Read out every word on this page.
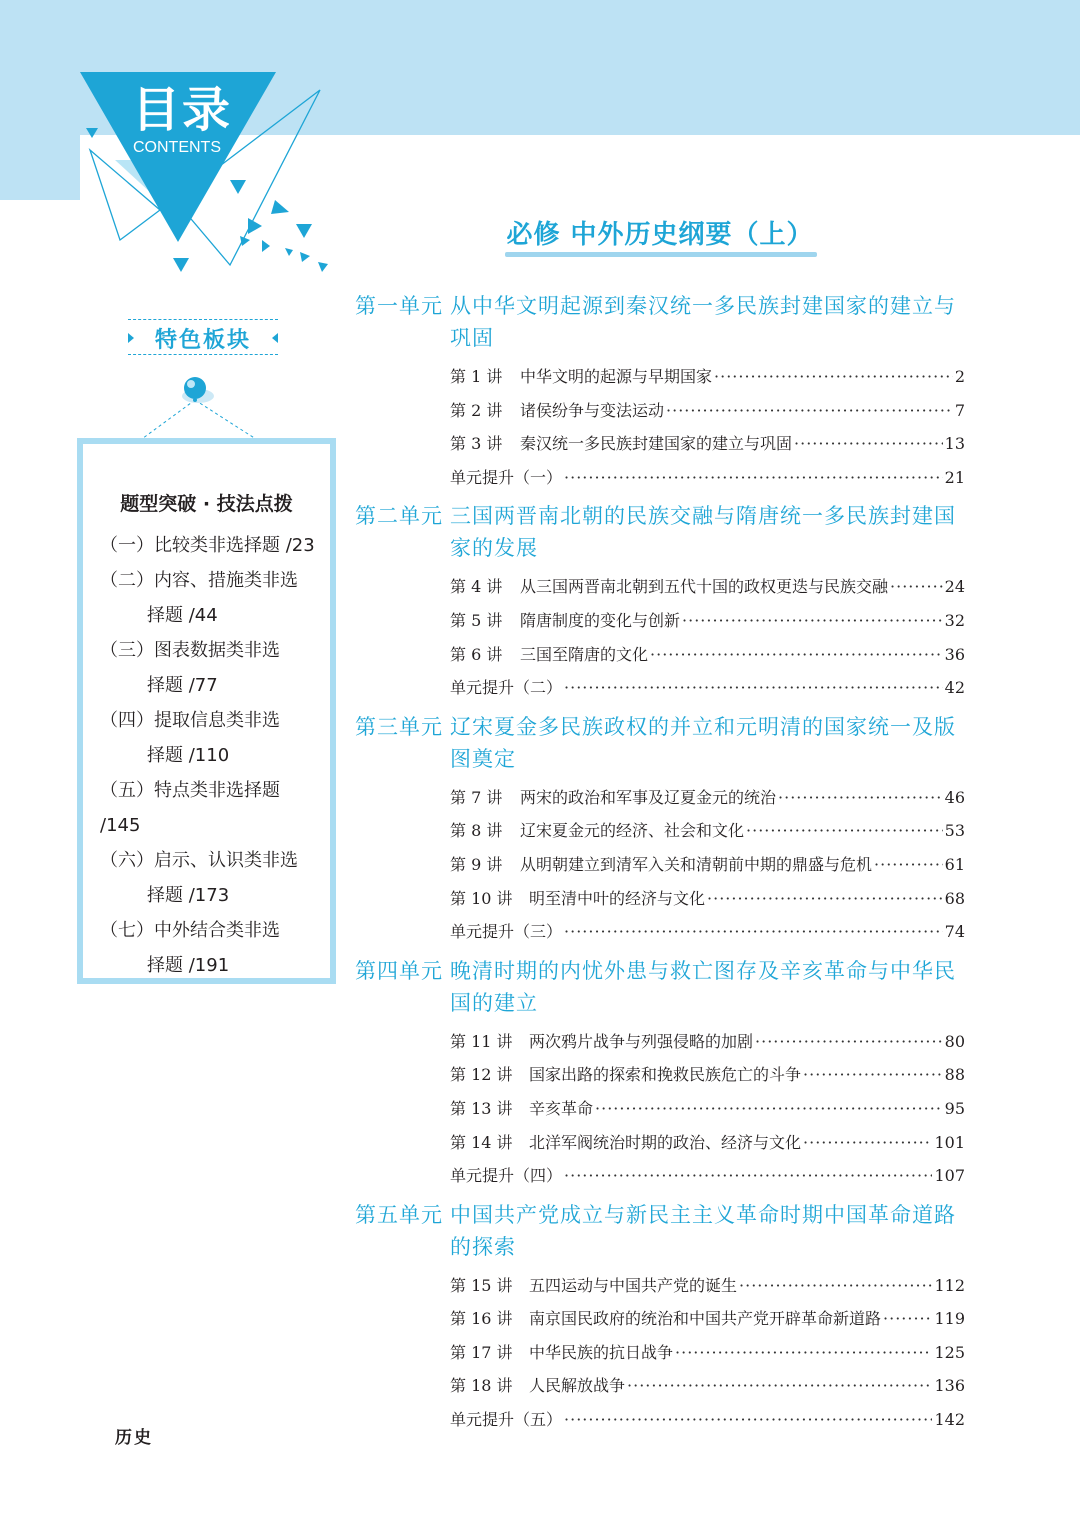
目录
CONTENTS
必修 中外历史纲要（上）
特色板块
题型突破 · 技法点拨
（一）比较类非选择题 /23
（二）内容、措施类非选
择题 /44
（三）图表数据类非选
择题 /77
（四）提取信息类非选
择题 /110
（五）特点类非选择题 /145
（六）启示、认识类非选
择题 /173
（七）中外结合类非选
择题 /191
第一单元 从中华文明起源到秦汉统一多民族封建国家的建立与巩固
第 1 讲	中华文明的起源与早期国家 ·····	2
第 2 讲	诸侯纷争与变法运动 ·····	7
第 3 讲	秦汉统一多民族封建国家的建立与巩固 ·····	13
单元提升（一） ·····	21
第二单元 三国两晋南北朝的民族交融与隋唐统一多民族封建国家的发展
第 4 讲	从三国两晋南北朝到五代十国的政权更迭与民族交融 ·····	24
第 5 讲	隋唐制度的变化与创新 ·····	32
第 6 讲	三国至隋唐的文化 ·····	36
单元提升（二） ·····	42
第三单元 辽宋夏金多民族政权的并立和元明清的国家统一及版图奠定
第 7 讲	两宋的政治和军事及辽夏金元的统治 ·····	46
第 8 讲	辽宋夏金元的经济、社会和文化 ·····	53
第 9 讲	从明朝建立到清军入关和清朝前中期的鼎盛与危机 ·····	61
第 10 讲	明至清中叶的经济与文化 ·····	68
单元提升（三） ·····	74
第四单元 晚清时期的内忧外患与救亡图存及辛亥革命与中华民国的建立
第 11 讲	两次鸦片战争与列强侵略的加剧 ·····	80
第 12 讲	国家出路的探索和挽救民族危亡的斗争 ·····	88
第 13 讲	辛亥革命 ·····	95
第 14 讲	北洋军阀统治时期的政治、经济与文化 ·····	101
单元提升（四） ·····	107
第五单元 中国共产党成立与新民主主义革命时期中国革命道路的探索
第 15 讲	五四运动与中国共产党的诞生 ·····	112
第 16 讲	南京国民政府的统治和中国共产党开辟革命新道路 ·····	119
第 17 讲	中华民族的抗日战争 ·····	125
第 18 讲	人民解放战争 ·····	136
单元提升（五） ·····	142
历史
